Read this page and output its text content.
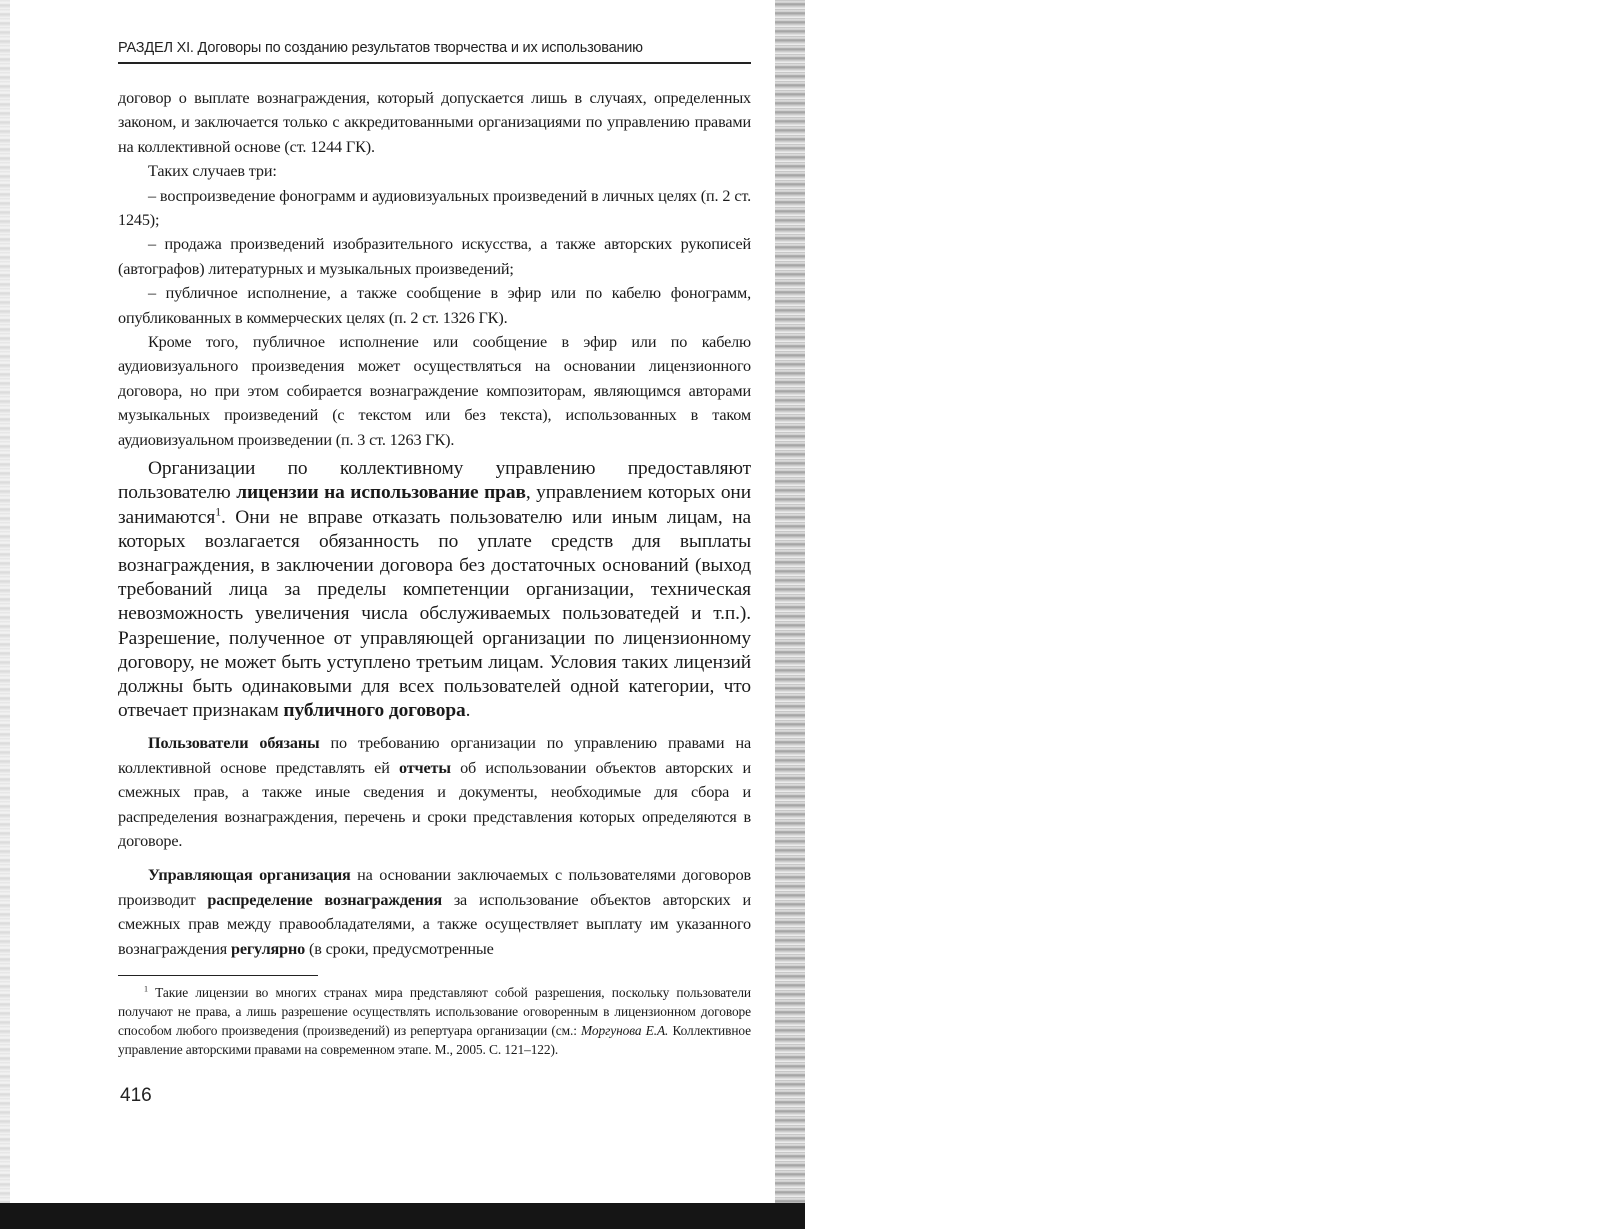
РАЗДЕЛ XI. Договоры по созданию результатов творчества и их использованию

договор о выплате вознаграждения, который допускается лишь в случаях, определенных законом, и заключается только с аккредитованными организациями по управлению правами на коллективной основе (ст. 1244 ГК).

Таких случаев три:

– воспроизведение фонограмм и аудиовизуальных произведений в личных целях (п. 2 ст. 1245);

– продажа произведений изобразительного искусства, а также авторских рукописей (автографов) литературных и музыкальных произведений;

– публичное исполнение, а также сообщение в эфир или по кабелю фонограмм, опубликованных в коммерческих целях (п. 2 ст. 1326 ГК).

Кроме того, публичное исполнение или сообщение в эфир или по кабелю аудиовизуального произведения может осуществляться на основании лицензионного договора, но при этом собирается вознаграждение композиторам, являющимся авторами музыкальных произведений (с текстом или без текста), использованных в таком аудиовизуальном произведении (п. 3 ст. 1263 ГК).

Организации по коллективному управлению предоставляют пользователю лицензии на использование прав, управлением которых они занимаются$^1$. Они не вправе отказать пользователю или иным лицам, на которых возлагается обязанность по уплате средств для выплаты вознаграждения, в заключении договора без достаточных оснований (выход требований лица за пределы компетенции организации, техническая невозможность увеличения числа обслуживаемых пользоватедей и т.п.). Разрешение, полученное от управляющей организации по лицензионному договору, не может быть уступлено третьим лицам. Условия таких лицензий должны быть одинаковыми для всех пользователей одной категории, что отвечает признакам публичного договора.

Пользователи обязаны по требованию организации по управлению правами на коллективной основе представлять ей отчеты об использовании объектов авторских и смежных прав, а также иные сведения и документы, необходимые для сбора и распределения вознаграждения, перечень и сроки представления которых определяются в договоре.

Управляющая организация на основании заключаемых с пользователями договоров производит распределение вознаграждения за использование объектов авторских и смежных прав между правообладателями, а также осуществляет выплату им указанного вознаграждения регулярно (в сроки, предусмотренные

$^1$ Такие лицензии во многих странах мира представляют собой разрешения, поскольку пользователи получают не права, а лишь разрешение осуществлять использование оговоренным в лицензионном договоре способом любого произведения (произведений) из репертуара организации (см.: Моргунова Е.А. Коллективное управление авторскими правами на современном этапе. М., 2005. С. 121–122).

416
